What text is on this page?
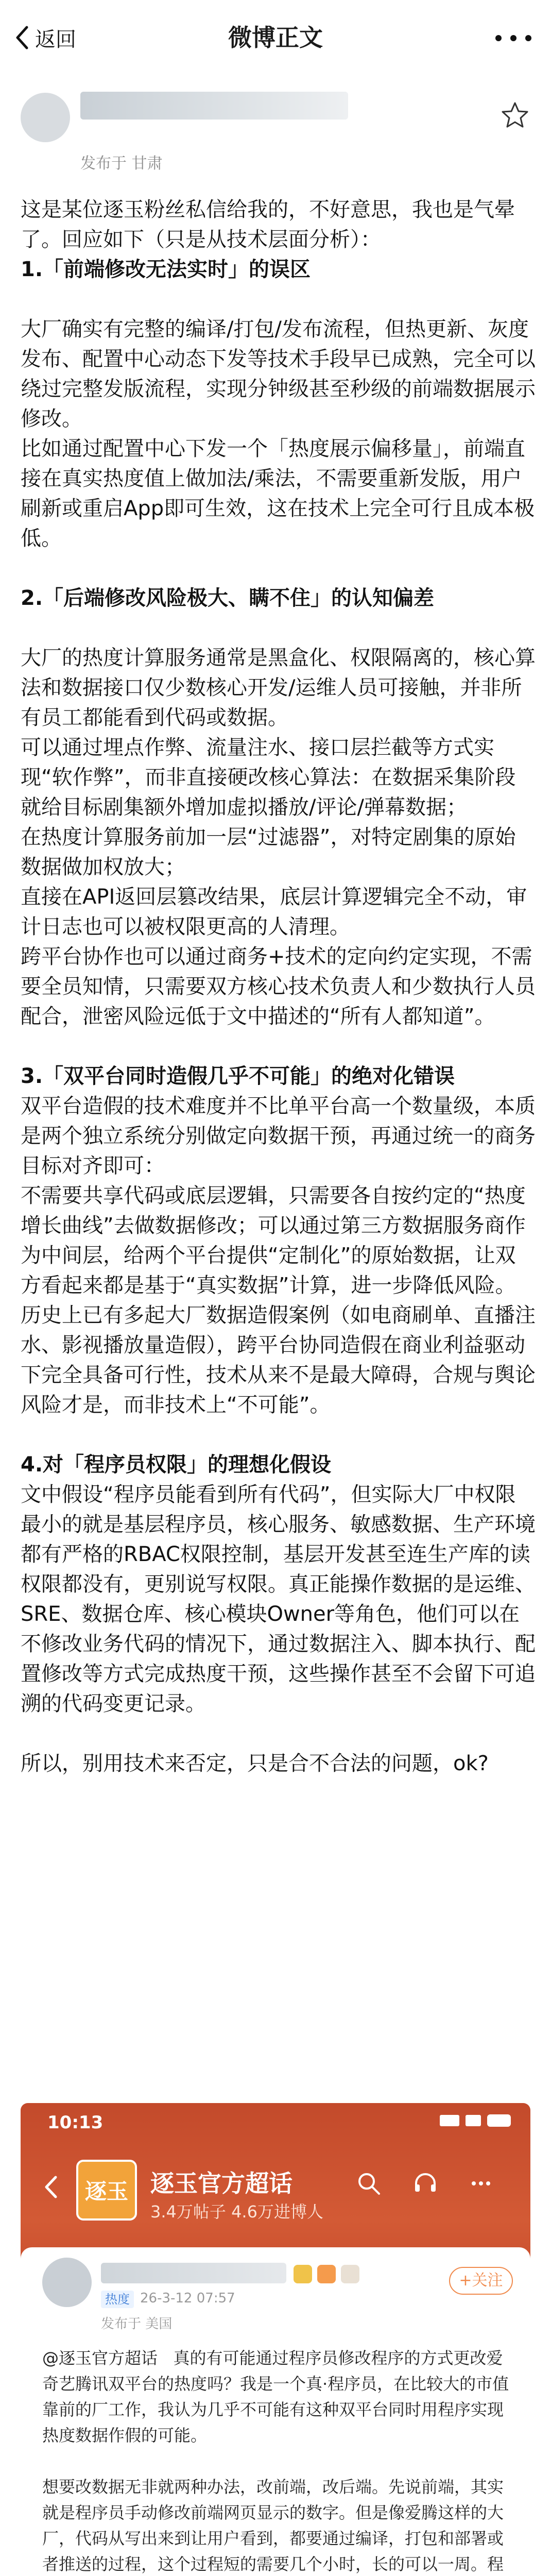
返回	微博正文
发布于 甘肃

这是某位逐玉粉丝私信给我的，不好意思，我也是气晕了。回应如下（只是从技术层面分析）：

1.「前端修改无法实时」的误区

大厂确实有完整的编译/打包/发布流程，但热更新、灰度发布、配置中心动态下发等技术手段早已成熟，完全可以绕过完整发版流程，实现分钟级甚至秒级的前端数据展示修改。

比如通过配置中心下发一个「热度展示偏移量」，前端直接在真实热度值上做加法/乘法，不需要重新发版，用户刷新或重启App即可生效，这在技术上完全可行且成本极低。

2.「后端修改风险极大、瞒不住」的认知偏差

大厂的热度计算服务通常是黑盒化、权限隔离的，核心算法和数据接口仅少数核心开发/运维人员可接触，并非所有员工都能看到代码或数据。

可以通过埋点作弊、流量注水、接口层拦截等方式实现“软作弊”，而非直接硬改核心算法：在数据采集阶段就给目标剧集额外增加虚拟播放/评论/弹幕数据；

在热度计算服务前加一层“过滤器”，对特定剧集的原始数据做加权放大；

直接在API返回层篡改结果，底层计算逻辑完全不动，审计日志也可以被权限更高的人清理。

跨平台协作也可以通过商务+技术的定向约定实现，不需要全员知情，只需要双方核心技术负责人和少数执行人员配合，泄密风险远低于文中描述的“所有人都知道”。

3.「双平台同时造假几乎不可能」的绝对化错误

双平台造假的技术难度并不比单平台高一个数量级，本质是两个独立系统分别做定向数据干预，再通过统一的商务目标对齐即可：

不需要共享代码或底层逻辑，只需要各自按约定的“热度增长曲线”去做数据修改；可以通过第三方数据服务商作为中间层，给两个平台提供“定制化”的原始数据，让双方看起来都是基于“真实数据”计算，进一步降低风险。历史上已有多起大厂数据造假案例（如电商刷单、直播注水、影视播放量造假），跨平台协同造假在商业利益驱动下完全具备可行性，技术从来不是最大障碍，合规与舆论风险才是，而非技术上“不可能”。

4.对「程序员权限」的理想化假设

文中假设“程序员能看到所有代码”，但实际大厂中权限最小的就是基层程序员，核心服务、敏感数据、生产环境都有严格的RBAC权限控制，基层开发甚至连生产库的读权限都没有，更别说写权限。真正能操作数据的是运维、SRE、数据仓库、核心模块Owner等角色，他们可以在不修改业务代码的情况下，通过数据注入、脚本执行、配置修改等方式完成热度干预，这些操作甚至不会留下可追溯的代码变更记录。

所以，别用技术来否定，只是合不合法的问题，ok?

10:13
逐玉 逐玉官方超话
3.4万帖子 4.6万进博人
+关注
热度 26-3-12 07:57
发布于 美国

@逐玉官方超话   真的有可能通过程序员修改程序的方式更改爱奇艺腾讯双平台的热度吗？我是一个真·程序员，在比较大的市值靠前的厂工作，我认为几乎不可能有这种双平台同时用程序实现热度数据作假的可能。

想要改数据无非就两种办法，改前端，改后端。先说前端，其实就是程序员手动修改前端网页显示的数字。但是像爱腾这样的大厂，代码从写出来到让用户看到，都要通过编译，打包和部署或者推送的过程，这个过程短的需要几个小时，长的可以一周。程
